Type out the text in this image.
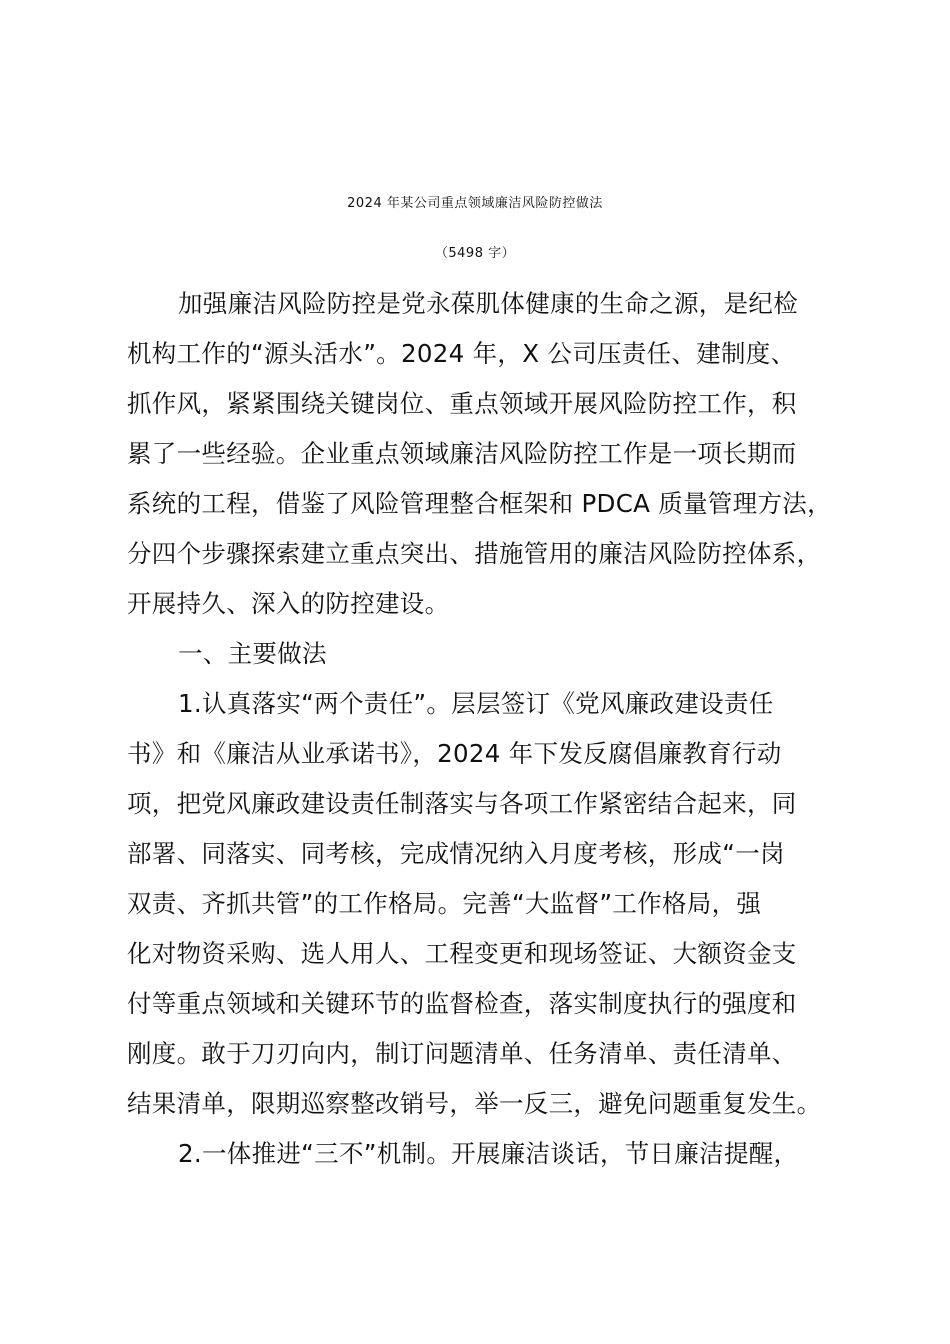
2024 年某公司重点领域廉洁风险防控做法
（5498 字）
加强廉洁风险防控是党永葆肌体健康的生命之源，是纪检
机构工作的“源头活水”。2024 年，X 公司压责任、建制度、
抓作风，紧紧围绕关键岗位、重点领域开展风险防控工作，积
累了一些经验。企业重点领域廉洁风险防控工作是一项长期而
系统的工程，借鉴了风险管理整合框架和 PDCA 质量管理方法，
分四个步骤探索建立重点突出、措施管用的廉洁风险防控体系，
开展持久、深入的防控建设。
一、主要做法
1.认真落实“两个责任”。层层签订《党风廉政建设责任
书》和《廉洁从业承诺书》，2024 年下发反腐倡廉教育行动
项，把党风廉政建设责任制落实与各项工作紧密结合起来，同
部署、同落实、同考核，完成情况纳入月度考核，形成“一岗
双责、齐抓共管”的工作格局。完善“大监督”工作格局，强
化对物资采购、选人用人、工程变更和现场签证、大额资金支
付等重点领域和关键环节的监督检查，落实制度执行的强度和
刚度。敢于刀刃向内，制订问题清单、任务清单、责任清单、
结果清单，限期巡察整改销号，举一反三，避免问题重复发生。
2.一体推进“三不”机制。开展廉洁谈话，节日廉洁提醒，
